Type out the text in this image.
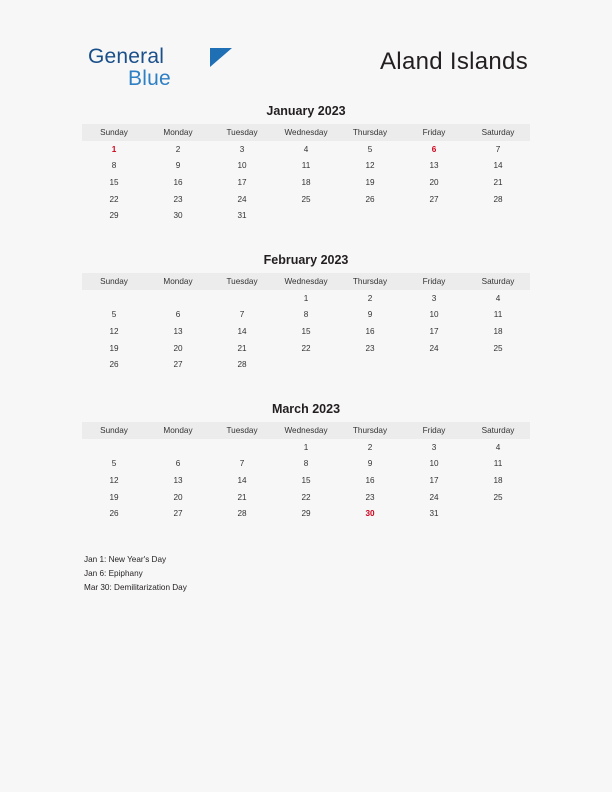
General
Blue
Aland Islands
January 2023
Sunday	Monday	Tuesday	Wednesday	Thursday	Friday	Saturday
1	2	3	4	5	6	7
8	9	10	11	12	13	14
15	16	17	18	19	20	21
22	23	24	25	26	27	28
29	30	31				
February 2023
Sunday	Monday	Tuesday	Wednesday	Thursday	Friday	Saturday
			1	2	3	4
5	6	7	8	9	10	11
12	13	14	15	16	17	18
19	20	21	22	23	24	25
26	27	28				
March 2023
Sunday	Monday	Tuesday	Wednesday	Thursday	Friday	Saturday
			1	2	3	4
5	6	7	8	9	10	11
12	13	14	15	16	17	18
19	20	21	22	23	24	25
26	27	28	29	30	31	
Jan 1: New Year's Day
Jan 6: Epiphany
Mar 30: Demilitarization Day
